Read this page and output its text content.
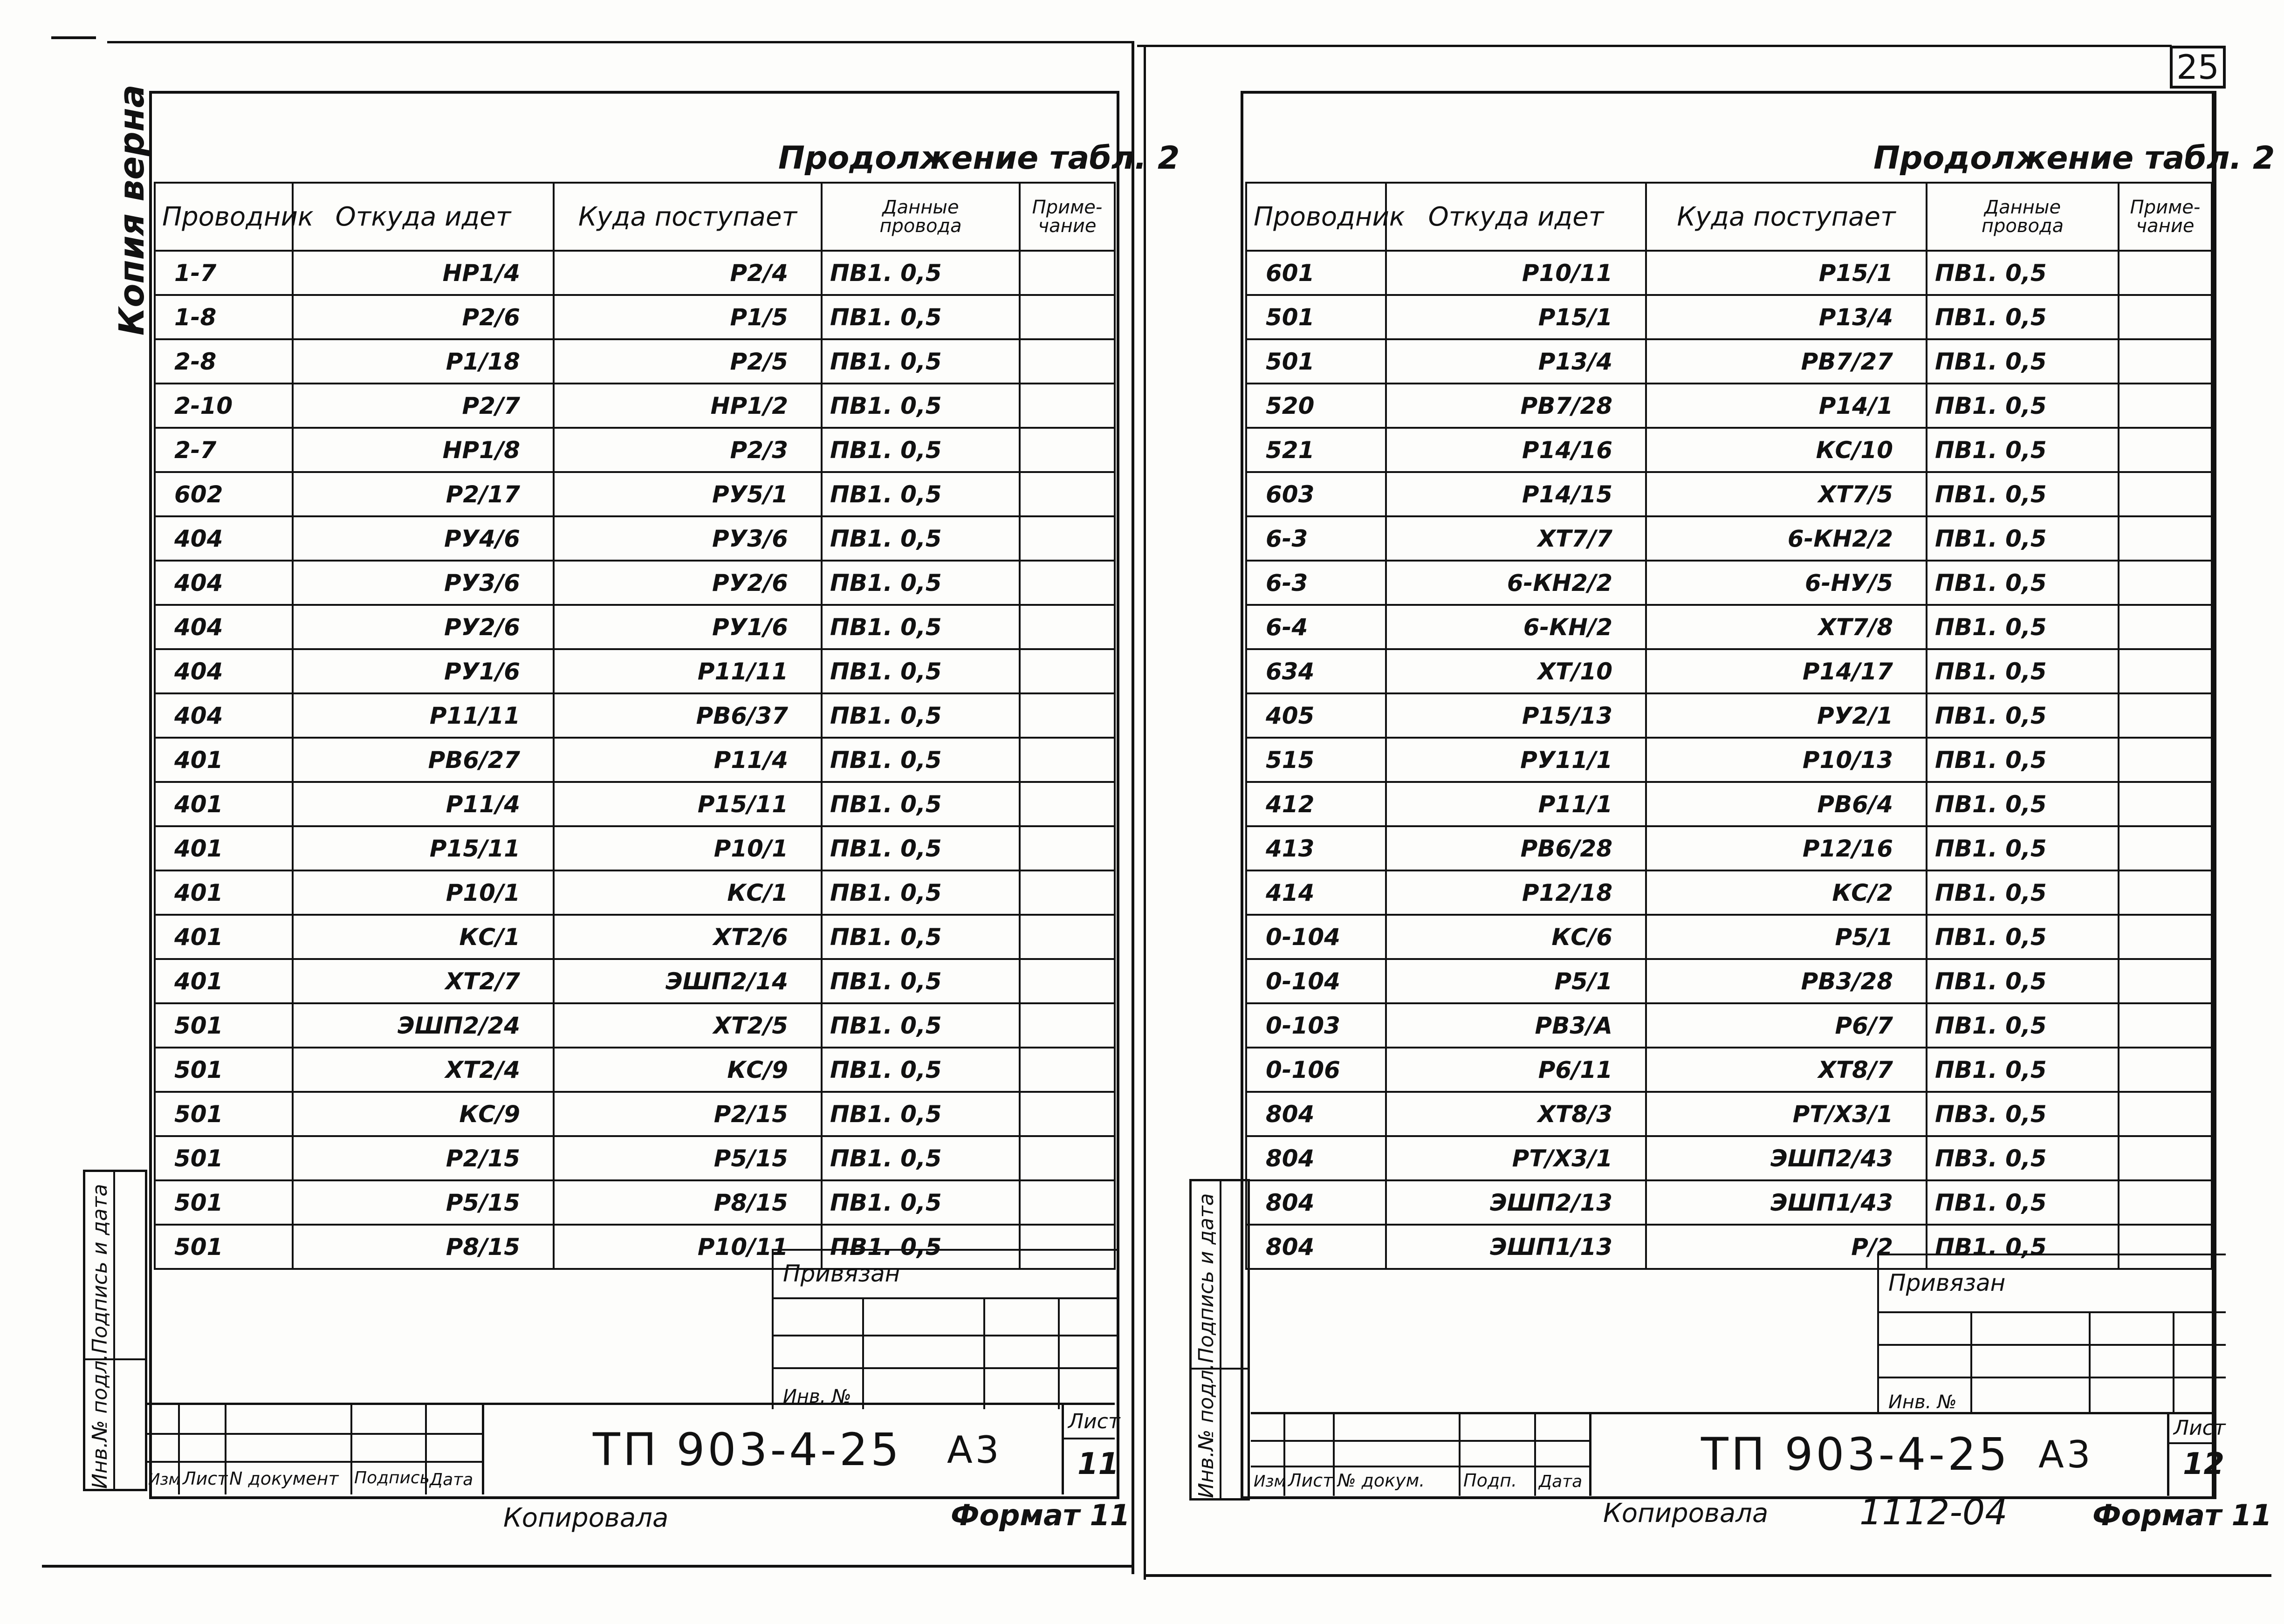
25
Копия верна	Продолжение табл. 2
Проводник	Откуда идет	Куда поступает	Данные
провода	Приме-
чание

1-7	НР1/4	Р2/4	ПВ1. 0,5	
1-8	Р2/6	Р1/5	ПВ1. 0,5	
2-8	Р1/18	Р2/5	ПВ1. 0,5	
2-10	Р2/7	НР1/2	ПВ1. 0,5	
2-7	НР1/8	Р2/3	ПВ1. 0,5	
602	Р2/17	РУ5/1	ПВ1. 0,5	
404	РУ4/6	РУ3/6	ПВ1. 0,5	
404	РУ3/6	РУ2/6	ПВ1. 0,5	
404	РУ2/6	РУ1/6	ПВ1. 0,5	
404	РУ1/6	Р11/11	ПВ1. 0,5	
404	Р11/11	РВ6/37	ПВ1. 0,5	
401	РВ6/27	Р11/4	ПВ1. 0,5	
401	Р11/4	Р15/11	ПВ1. 0,5	
401	Р15/11	Р10/1	ПВ1. 0,5	
401	Р10/1	КС/1	ПВ1. 0,5	
401	КС/1	ХТ2/6	ПВ1. 0,5	
401	ХТ2/7	ЭШП2/14	ПВ1. 0,5	
501	ЭШП2/24	ХТ2/5	ПВ1. 0,5	
501	ХТ2/4	КС/9	ПВ1. 0,5	
501	КС/9	Р2/15	ПВ1. 0,5	
501	Р2/15	Р5/15	ПВ1. 0,5	
501	Р5/15	Р8/15	ПВ1. 0,5	
501	Р8/15	Р10/11	ПВ1. 0,5	
Подпись и дата
Инв.№ подл.
Привязан
Инв. №
Изм Лист N документ Подпись Дата
ТП 903-4-25 А3
Лист
11
Копировала	Формат 11
Продолжение табл. 2
Проводник	Откуда идет	Куда поступает	Данные
провода	Приме-
чание

601	Р10/11	Р15/1	ПВ1. 0,5	
501	Р15/1	Р13/4	ПВ1. 0,5	
501	Р13/4	РВ7/27	ПВ1. 0,5	
520	РВ7/28	Р14/1	ПВ1. 0,5	
521	Р14/16	КС/10	ПВ1. 0,5	
603	Р14/15	ХТ7/5	ПВ1. 0,5	
6-3	ХТ7/7	6-КН2/2	ПВ1. 0,5	
6-3	6-КН2/2	6-НУ/5	ПВ1. 0,5	
6-4	6-КН/2	ХТ7/8	ПВ1. 0,5	
634	ХТ/10	Р14/17	ПВ1. 0,5	
405	Р15/13	РУ2/1	ПВ1. 0,5	
515	РУ11/1	Р10/13	ПВ1. 0,5	
412	Р11/1	РВ6/4	ПВ1. 0,5	
413	РВ6/28	Р12/16	ПВ1. 0,5	
414	Р12/18	КС/2	ПВ1. 0,5	
0-104	КС/6	Р5/1	ПВ1. 0,5	
0-104	Р5/1	РВ3/28	ПВ1. 0,5	
0-103	РВ3/А	Р6/7	ПВ1. 0,5	
0-106	Р6/11	ХТ8/7	ПВ1. 0,5	
804	ХТ8/3	РТ/Х3/1	ПВ3. 0,5	
804	РТ/Х3/1	ЭШП2/43	ПВ3. 0,5	
804	ЭШП2/13	ЭШП1/43	ПВ1. 0,5	
804	ЭШП1/13	Р/2	ПВ1. 0,5	
Подпись и дата
Инв.№ подл.
Привязан
Инв. №
Изм Лист № докум. Подп. Дата
ТП 903-4-25 А3
Лист
12
Копировала	1112-04	Формат 11
